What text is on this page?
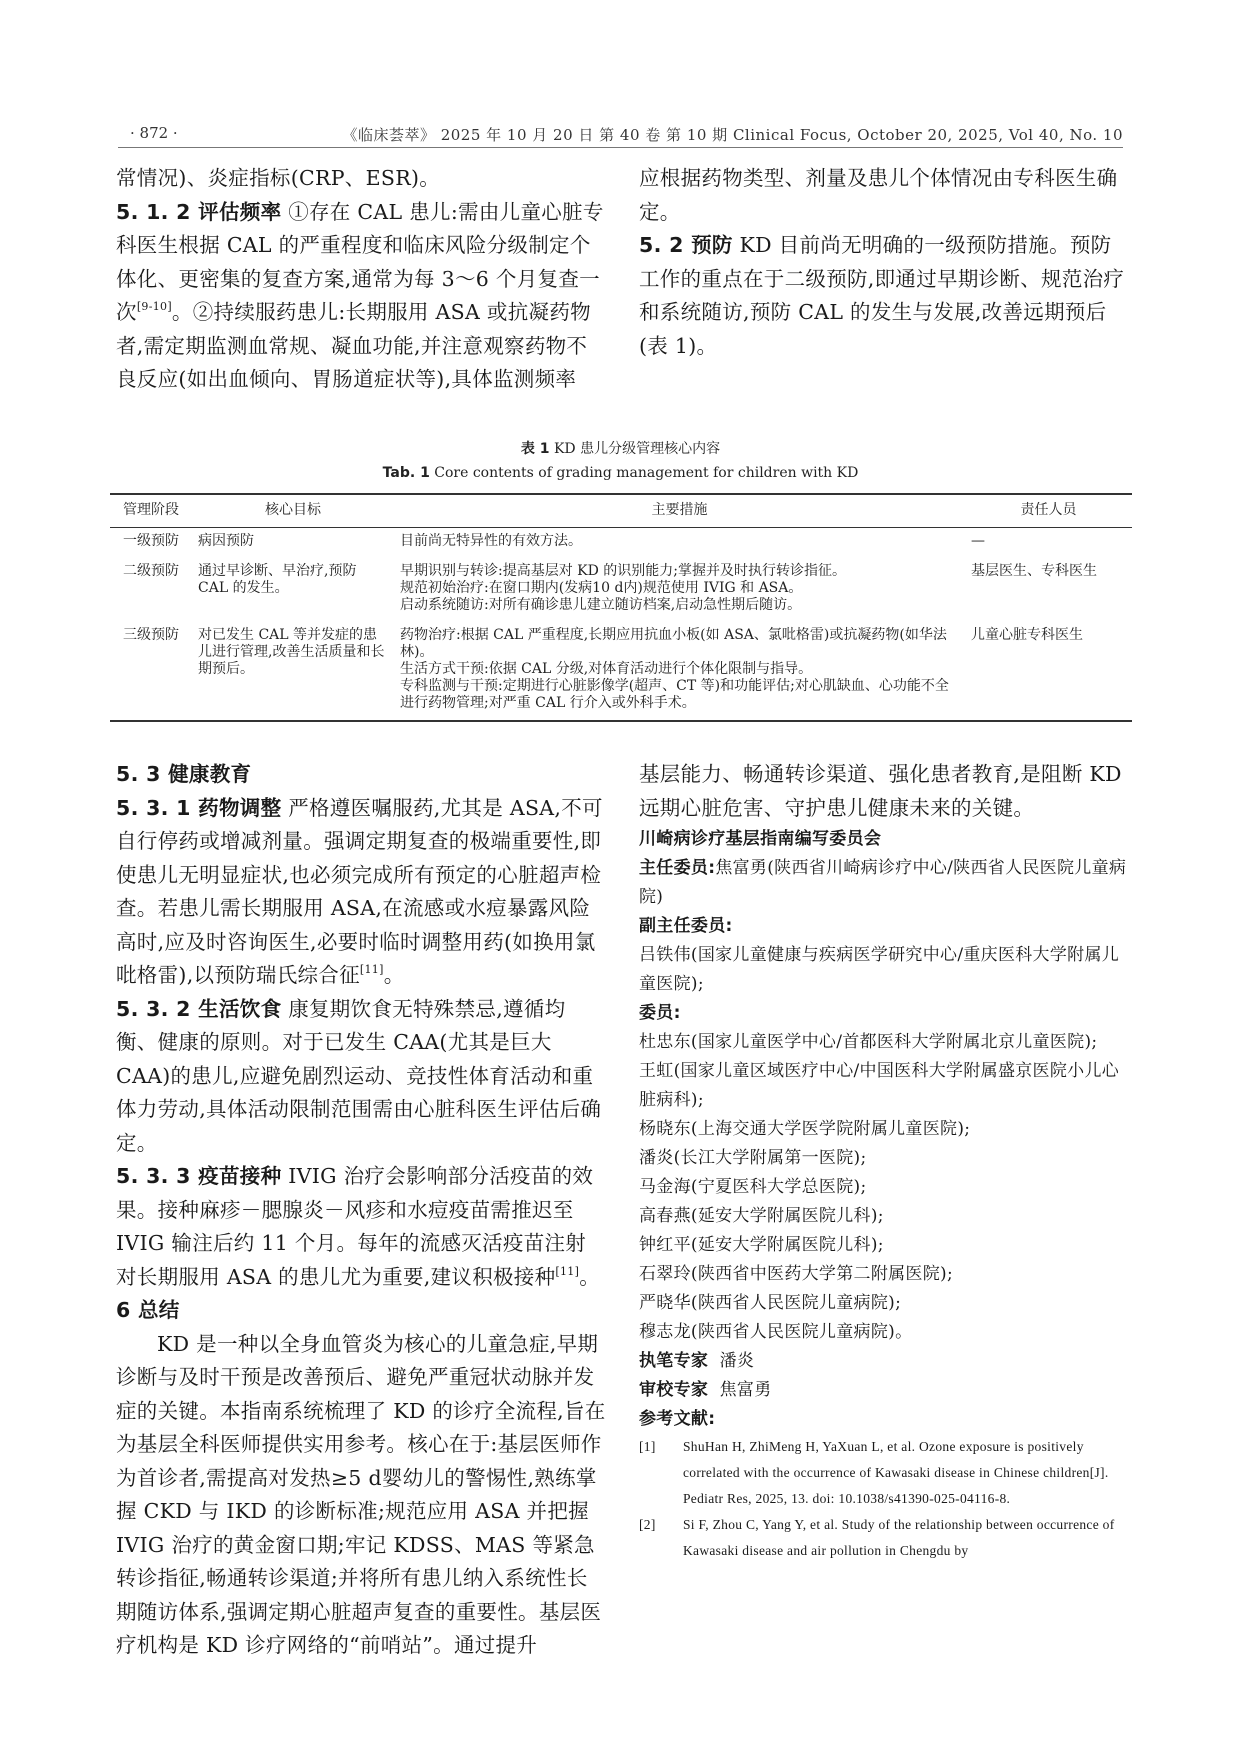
· 872 ·	《临床荟萃》 2025 年 10 月 20 日 第 40 卷 第 10 期 Clinical Focus, October 20, 2025, Vol 40, No. 10

常情况)、炎症指标(CRP、ESR)。

5. 1. 2 评估频率 ①存在 CAL 患儿:需由儿童心脏专科医生根据 CAL 的严重程度和临床风险分级制定个体化、更密集的复查方案,通常为每 3～6 个月复查一次[9-10]。②持续服药患儿:长期服用 ASA 或抗凝药物者,需定期监测血常规、凝血功能,并注意观察药物不良反应(如出血倾向、胃肠道症状等),具体监测频率

应根据药物类型、剂量及患儿个体情况由专科医生确定。

5. 2 预防 KD 目前尚无明确的一级预防措施。预防工作的重点在于二级预防,即通过早期诊断、规范治疗和系统随访,预防 CAL 的发生与发展,改善远期预后(表 1)。

表 1 KD 患儿分级管理核心内容
Tab. 1 Core contents of grading management for children with KD
管理阶段	核心目标	主要措施	责任人员
一级预防	病因预防	目前尚无特异性的有效方法。	—
二级预防	通过早诊断、早治疗,预防 CAL 的发生。	早期识别与转诊:提高基层对 KD 的识别能力;掌握并及时执行转诊指征。
规范初始治疗:在窗口期内(发病10 d内)规范使用 IVIG 和 ASA。
启动系统随访:对所有确诊患儿建立随访档案,启动急性期后随访。	基层医生、专科医生
三级预防	对已发生 CAL 等并发症的患儿进行管理,改善生活质量和长期预后。	药物治疗:根据 CAL 严重程度,长期应用抗血小板(如 ASA、氯吡格雷)或抗凝药物(如华法林)。
生活方式干预:依据 CAL 分级,对体育活动进行个体化限制与指导。
专科监测与干预:定期进行心脏影像学(超声、CT 等)和功能评估;对心肌缺血、心功能不全进行药物管理;对严重 CAL 行介入或外科手术。	儿童心脏专科医生

5. 3 健康教育

5. 3. 1 药物调整 严格遵医嘱服药,尤其是 ASA,不可自行停药或增减剂量。强调定期复查的极端重要性,即使患儿无明显症状,也必须完成所有预定的心脏超声检查。若患儿需长期服用 ASA,在流感或水痘暴露风险高时,应及时咨询医生,必要时临时调整用药(如换用氯吡格雷),以预防瑞氏综合征[11]。

5. 3. 2 生活饮食 康复期饮食无特殊禁忌,遵循均衡、健康的原则。对于已发生 CAA(尤其是巨大 CAA)的患儿,应避免剧烈运动、竞技性体育活动和重体力劳动,具体活动限制范围需由心脏科医生评估后确定。

5. 3. 3 疫苗接种 IVIG 治疗会影响部分活疫苗的效果。接种麻疹－腮腺炎－风疹和水痘疫苗需推迟至 IVIG 输注后约 11 个月。每年的流感灭活疫苗注射对长期服用 ASA 的患儿尤为重要,建议积极接种[11]。

6 总结

KD 是一种以全身血管炎为核心的儿童急症,早期诊断与及时干预是改善预后、避免严重冠状动脉并发症的关键。本指南系统梳理了 KD 的诊疗全流程,旨在为基层全科医师提供实用参考。核心在于:基层医师作为首诊者,需提高对发热≥5 d婴幼儿的警惕性,熟练掌握 CKD 与 IKD 的诊断标准;规范应用 ASA 并把握 IVIG 治疗的黄金窗口期;牢记 KDSS、MAS 等紧急转诊指征,畅通转诊渠道;并将所有患儿纳入系统性长期随访体系,强调定期心脏超声复查的重要性。基层医疗机构是 KD 诊疗网络的“前哨站”。通过提升

基层能力、畅通转诊渠道、强化患者教育,是阻断 KD 远期心脏危害、守护患儿健康未来的关键。

川崎病诊疗基层指南编写委员会
主任委员:焦富勇(陕西省川崎病诊疗中心/陕西省人民医院儿童病院)
副主任委员:
吕铁伟(国家儿童健康与疾病医学研究中心/重庆医科大学附属儿童医院);
委员:
杜忠东(国家儿童医学中心/首都医科大学附属北京儿童医院);
王虹(国家儿童区域医疗中心/中国医科大学附属盛京医院小儿心脏病科);
杨晓东(上海交通大学医学院附属儿童医院);
潘炎(长江大学附属第一医院);
马金海(宁夏医科大学总医院);
高春燕(延安大学附属医院儿科);
钟红平(延安大学附属医院儿科);
石翠玲(陕西省中医药大学第二附属医院);
严晓华(陕西省人民医院儿童病院);
穆志龙(陕西省人民医院儿童病院)。
执笔专家 潘炎
审校专家 焦富勇
参考文献:
[1]	ShuHan H, ZhiMeng H, YaXuan L, et al. Ozone exposure is positively correlated with the occurrence of Kawasaki disease in Chinese children[J]. Pediatr Res, 2025, 13. doi: 10.1038/s41390-025-04116-8.
[2]	Si F, Zhou C, Yang Y, et al. Study of the relationship between occurrence of Kawasaki disease and air pollution in Chengdu by
